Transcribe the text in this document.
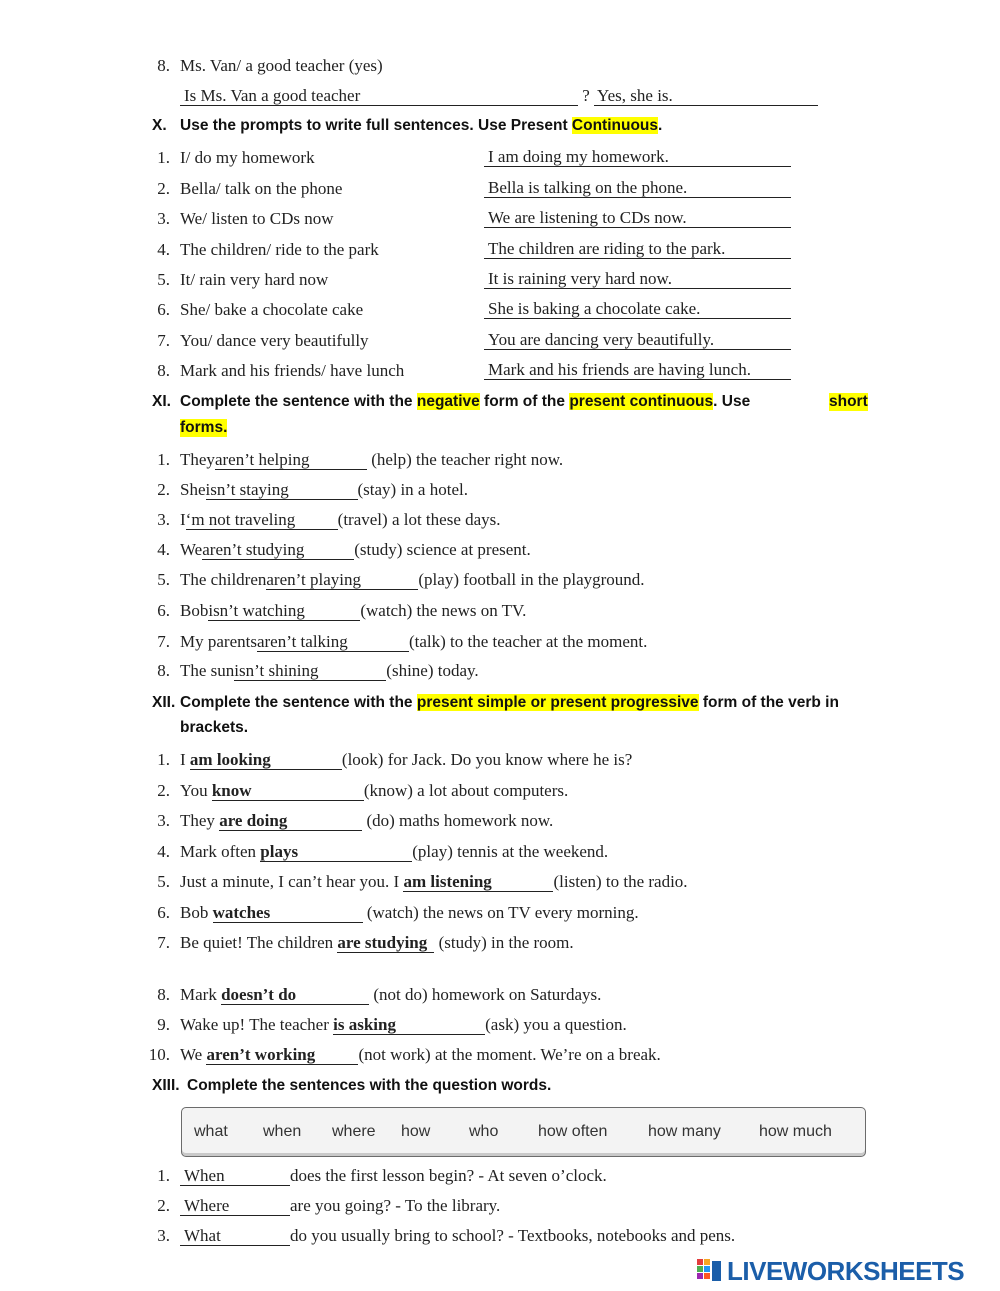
8. Ms. Van/ a good teacher (yes)
Is Ms. Van a good teacher	? Yes, she is.
X. Use the prompts to write full sentences. Use Present Continuous.
1. I/ do my homework	I am doing my homework.
2. Bella/ talk on the phone	Bella is talking on the phone.
3. We/ listen to CDs now	We are listening to CDs now.
4. The children/ ride to the park	The children are riding to the park.
5. It/ rain very hard now	It is raining very hard now.
6. She/ bake a chocolate cake	She is baking a chocolate cake.
7. You/ dance very beautifully	You are dancing very beautifully.
8. Mark and his friends/ have lunch	Mark and his friends are having lunch.
XI. Complete the sentence with the negative form of the present continuous. Use	short
forms.
1. Theyaren’t helping	(help) the teacher right now.
2. Sheisn’t staying	(stay) in a hotel.
3. I‘m not traveling (travel) a lot these days.
4. Wearen’t studying	(study) science at present.
5. The childrenaren’t playing	(play) football in the playground.
6. Bobisn’t watching	(watch) the news on TV.
7. My parentsaren’t talking	(talk) to the teacher at the moment.
8. The sunisn’t shining	(shine) today.
XII. Complete the sentence with the present simple or present progressive form of the verb in
brackets.
1. I am looking	(look) for Jack. Do you know where he is?
2. You know	(know) a lot about computers.
3. They are doing	(do) maths homework now.
4. Mark often plays	(play) tennis at the weekend.
5. Just a minute, I can’t hear you. I am listening	(listen) to the radio.
6. Bob watches	(watch) the news on TV every morning.
7. Be quiet! The children are studying (study) in the room.
8. Mark doesn’t do	(not do) homework on Saturdays.
9. Wake up! The teacher is asking	(ask) you a question.
10. We aren’t working	(not work) at the moment. We’re on a break.
XIII. Complete the sentences with the question words.
what when where how who how often	how many how much
1. When	does the first lesson begin? - At seven o’clock.
2. Where	are you going? - To the library.
3. What	do you usually bring to school? - Textbooks, notebooks and pens.
LIVEWORKSHEETS
